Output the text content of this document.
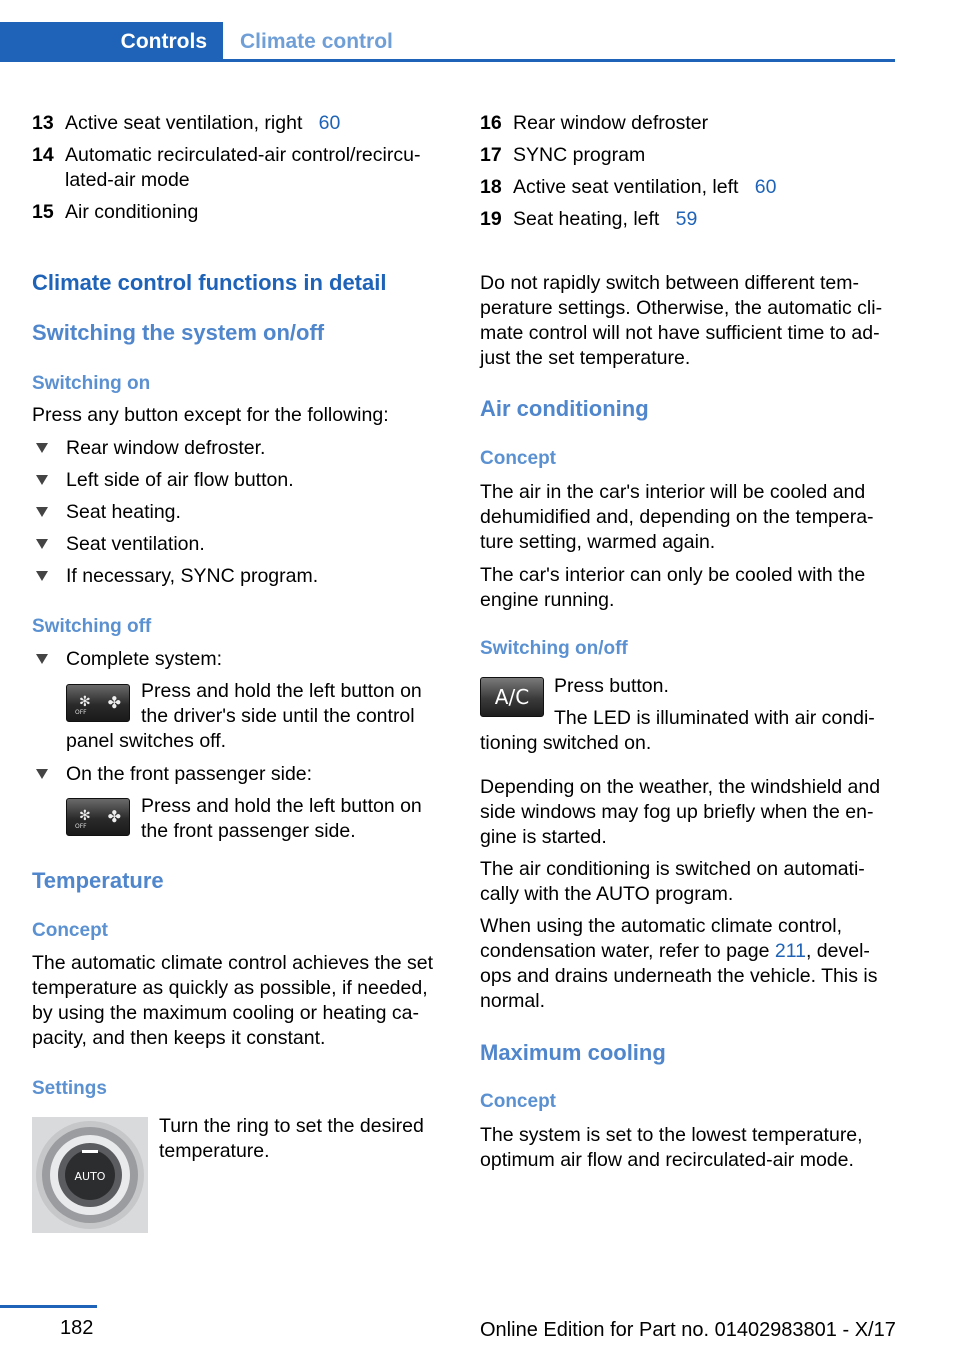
Controls	Climate control
13 Active seat ventilation, right 60
14 Automatic recirculated-air control/recircu-
lated-air mode
15 Air conditioning
16 Rear window defroster
17 SYNC program
18 Active seat ventilation, left 60
19 Seat heating, left 59
Climate control functions in detail
Switching the system on/off
Switching on
Press any button except for the following:
Rear window defroster.
Left side of air flow button.
Seat heating.
Seat ventilation.
If necessary, SYNC program.
Switching off
Complete system:
✻
OFF
✤
Press and hold the left button on
the driver's side until the control
panel switches off.
On the front passenger side:
✻
OFF
✤
Press and hold the left button on
the front passenger side.
Temperature
Concept
The automatic climate control achieves the set
temperature as quickly as possible, if needed,
by using the maximum cooling or heating ca-
pacity, and then keeps it constant.
Settings
AUTO
Turn the ring to set the desired
temperature.
Do not rapidly switch between different tem-
perature settings. Otherwise, the automatic cli-
mate control will not have sufficient time to ad-
just the set temperature.
Air conditioning
Concept
The air in the car's interior will be cooled and
dehumidified and, depending on the tempera-
ture setting, warmed again.
The car's interior can only be cooled with the
engine running.
Switching on/off
A/C	Press button.
The LED is illuminated with air condi-
tioning switched on.
Depending on the weather, the windshield and
side windows may fog up briefly when the en-
gine is started.
The air conditioning is switched on automati-
cally with the AUTO program.
When using the automatic climate control,
condensation water, refer to page 211, devel-
ops and drains underneath the vehicle. This is
normal.
Maximum cooling
Concept
The system is set to the lowest temperature,
optimum air flow and recirculated-air mode.
182	Online Edition for Part no. 01402983801 - X/17
